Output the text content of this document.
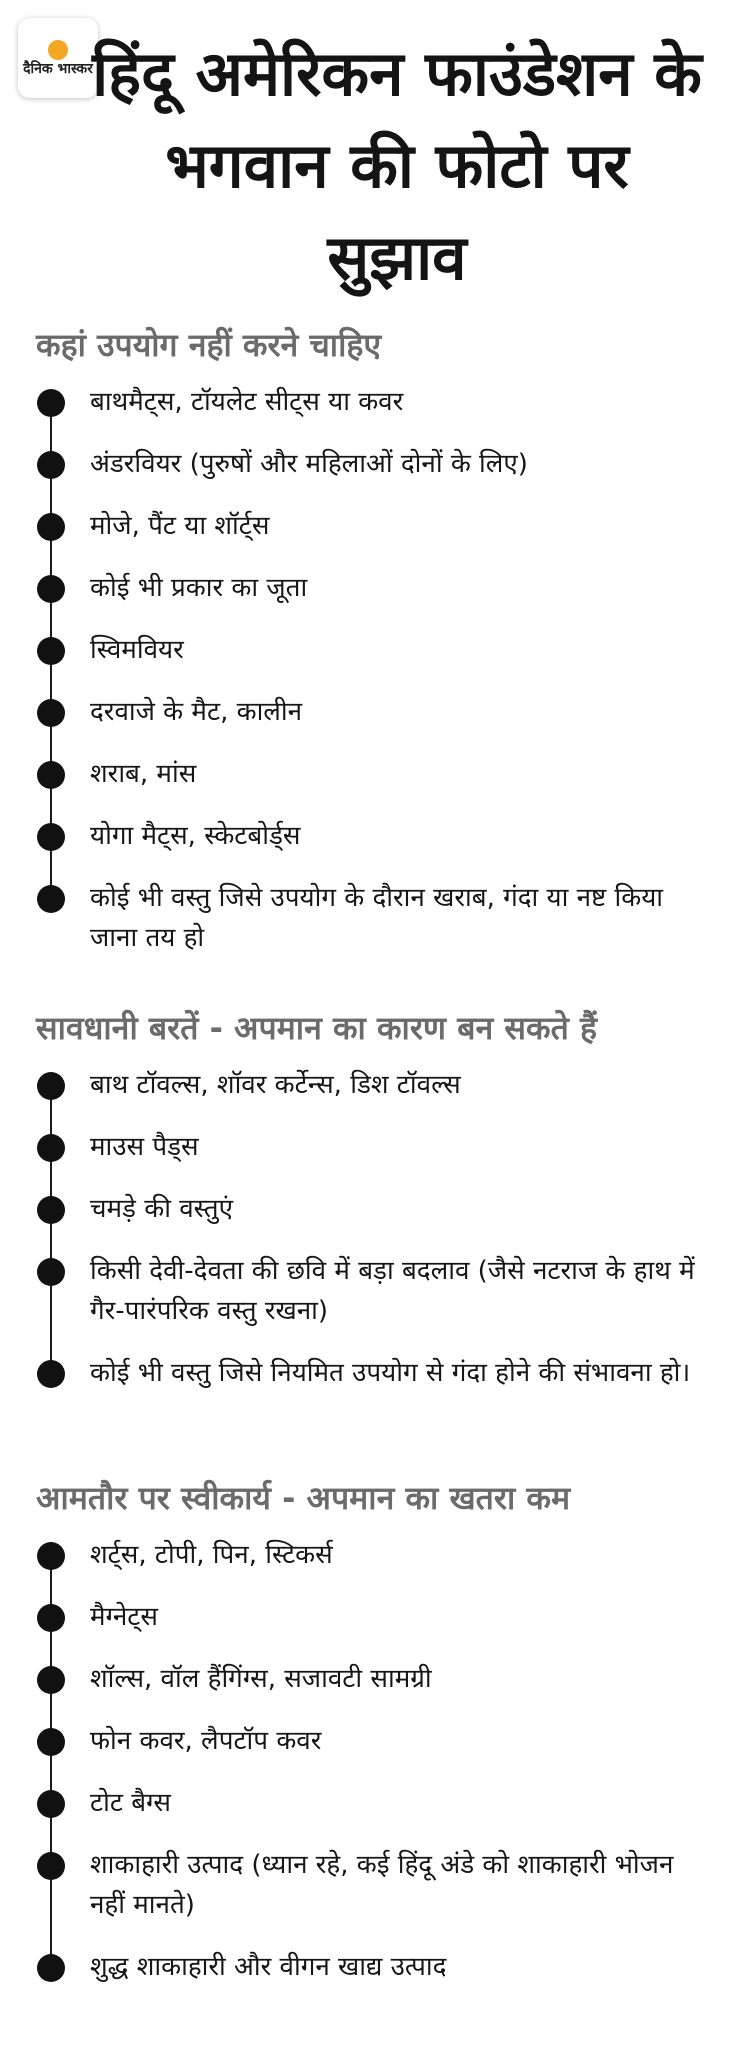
दैनिक भास्कर हिंदू अमेरिकन फाउंडेशन के भगवान की फोटो पर सुझाव
कहां उपयोग नहीं करने चाहिए
बाथमैट्स, टॉयलेट सीट्स या कवर
अंडरवियर (पुरुषों और महिलाओं दोनों के लिए)
मोजे, पैंट या शॉर्ट्स
कोई भी प्रकार का जूता
स्विमवियर
दरवाजे के मैट, कालीन
शराब, मांस
योगा मैट्स, स्केटबोर्ड्स
कोई भी वस्तु जिसे उपयोग के दौरान खराब, गंदा या नष्ट किया जाना तय हो
सावधानी बरतें - अपमान का कारण बन सकते हैं
बाथ टॉवल्स, शॉवर कर्टेन्स, डिश टॉवल्स
माउस पैड्स
चमड़े की वस्तुएं
किसी देवी-देवता की छवि में बड़ा बदलाव (जैसे नटराज के हाथ में गैर-पारंपरिक वस्तु रखना)
कोई भी वस्तु जिसे नियमित उपयोग से गंदा होने की संभावना हो।
आमतौर पर स्वीकार्य - अपमान का खतरा कम
शर्ट्स, टोपी, पिन, स्टिकर्स
मैग्नेट्स
शॉल्स, वॉल हैंगिंग्स, सजावटी सामग्री
फोन कवर, लैपटॉप कवर
टोट बैग्स
शाकाहारी उत्पाद (ध्यान रहे, कई हिंदू अंडे को शाकाहारी भोजन नहीं मानते)
शुद्ध शाकाहारी और वीगन खाद्य उत्पाद
